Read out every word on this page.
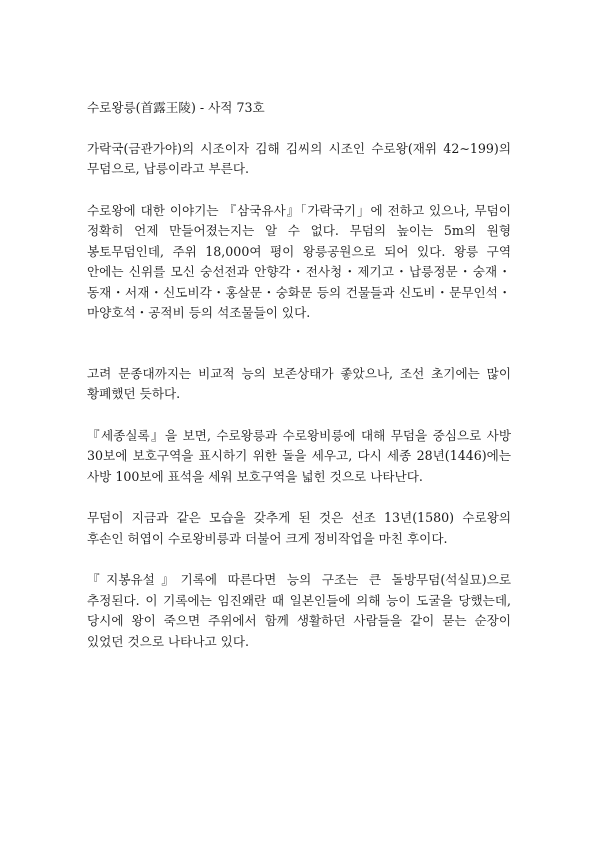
수로왕릉(首露王陵) - 사적 73호

가락국(금관가야)의 시조이자 김해 김씨의 시조인 수로왕(재위 42∼199)의 무덤으로, 납릉이라고 부른다.

수로왕에 대한 이야기는 『삼국유사』「가락국기」에 전하고 있으나, 무덤이 정확히 언제 만들어졌는지는 알 수 없다. 무덤의 높이는 5m의 원형 봉토무덤인데, 주위 18,000여 평이 왕릉공원으로 되어 있다. 왕릉 구역 안에는 신위를 모신 숭선전과 안향각・전사청・제기고・납릉정문・숭재・동재・서재・신도비각・홍살문・숭화문 등의 건물들과 신도비・문무인석・마양호석・공적비 등의 석조물들이 있다.

고려 문종대까지는 비교적 능의 보존상태가 좋았으나, 조선 초기에는 많이 황폐했던 듯하다.

『세종실록』을 보면, 수로왕릉과 수로왕비릉에 대해 무덤을 중심으로 사방 30보에 보호구역을 표시하기 위한 돌을 세우고, 다시 세종 28년(1446)에는 사방 100보에 표석을 세워 보호구역을 넓힌 것으로 나타난다.

무덤이 지금과 같은 모습을 갖추게 된 것은 선조 13년(1580) 수로왕의 후손인 허엽이 수로왕비릉과 더불어 크게 정비작업을 마친 후이다.

『지봉유설』기록에 따른다면 능의 구조는 큰 돌방무덤(석실묘)으로 추정된다. 이 기록에는 임진왜란 때 일본인들에 의해 능이 도굴을 당했는데, 당시에 왕이 죽으면 주위에서 함께 생활하던 사람들을 같이 묻는 순장이 있었던 것으로 나타나고 있다.
